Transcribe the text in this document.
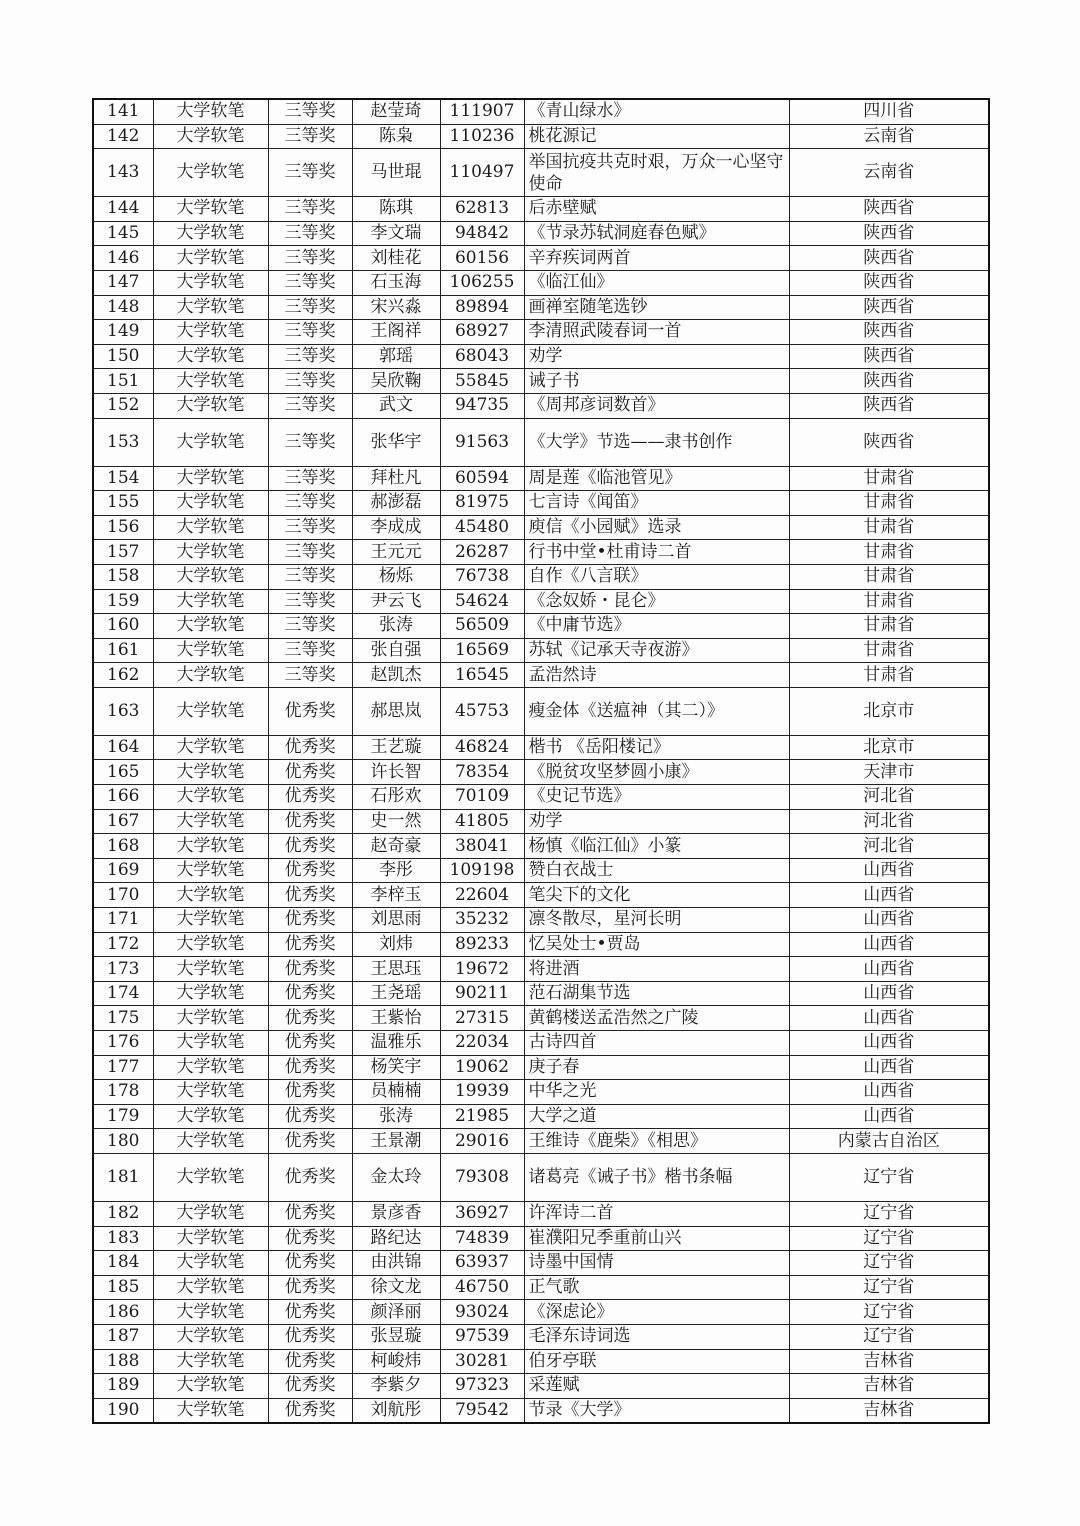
141	大学软笔	三等奖	赵莹琦	111907	《青山绿水》	四川省
142	大学软笔	三等奖	陈枭	110236	桃花源记	云南省
143	大学软笔	三等奖	马世琨	110497	举国抗疫共克时艰，万众一心坚守使命	云南省
144	大学软笔	三等奖	陈琪	62813	后赤壁赋	陕西省
145	大学软笔	三等奖	李文瑞	94842	《节录苏轼洞庭春色赋》	陕西省
146	大学软笔	三等奖	刘桂花	60156	辛弃疾词两首	陕西省
147	大学软笔	三等奖	石玉海	106255	《临江仙》	陕西省
148	大学软笔	三等奖	宋兴淼	89894	画禅室随笔选钞	陕西省
149	大学软笔	三等奖	王阁祥	68927	李清照武陵春词一首	陕西省
150	大学软笔	三等奖	郭瑶	68043	劝学	陕西省
151	大学软笔	三等奖	吴欣鞠	55845	诫子书	陕西省
152	大学软笔	三等奖	武文	94735	《周邦彦词数首》	陕西省
153	大学软笔	三等奖	张华宇	91563	《大学》节选——隶书创作	陕西省
154	大学软笔	三等奖	拜杜凡	60594	周是莲《临池管见》	甘肃省
155	大学软笔	三等奖	郝澎磊	81975	七言诗《闻笛》	甘肃省
156	大学软笔	三等奖	李成成	45480	庾信《小园赋》选录	甘肃省
157	大学软笔	三等奖	王元元	26287	行书中堂•杜甫诗二首	甘肃省
158	大学软笔	三等奖	杨烁	76738	自作《八言联》	甘肃省
159	大学软笔	三等奖	尹云飞	54624	《念奴娇・昆仑》	甘肃省
160	大学软笔	三等奖	张涛	56509	《中庸节选》	甘肃省
161	大学软笔	三等奖	张自强	16569	苏轼《记承天寺夜游》	甘肃省
162	大学软笔	三等奖	赵凯杰	16545	孟浩然诗	甘肃省
163	大学软笔	优秀奖	郝思岚	45753	瘦金体《送瘟神（其二）》	北京市
164	大学软笔	优秀奖	王艺璇	46824	楷书 《岳阳楼记》	北京市
165	大学软笔	优秀奖	许长智	78354	《脱贫攻坚梦圆小康》	天津市
166	大学软笔	优秀奖	石彤欢	70109	《史记节选》	河北省
167	大学软笔	优秀奖	史一然	41805	劝学	河北省
168	大学软笔	优秀奖	赵奇豪	38041	杨慎《临江仙》小篆	河北省
169	大学软笔	优秀奖	李彤	109198	赞白衣战士	山西省
170	大学软笔	优秀奖	李梓玉	22604	笔尖下的文化	山西省
171	大学软笔	优秀奖	刘思雨	35232	凛冬散尽，星河长明	山西省
172	大学软笔	优秀奖	刘炜	89233	忆吴处士•贾岛	山西省
173	大学软笔	优秀奖	王思珏	19672	将进酒	山西省
174	大学软笔	优秀奖	王尧瑶	90211	范石湖集节选	山西省
175	大学软笔	优秀奖	王紫怡	27315	黄鹤楼送孟浩然之广陵	山西省
176	大学软笔	优秀奖	温雅乐	22034	古诗四首	山西省
177	大学软笔	优秀奖	杨笑宇	19062	庚子春	山西省
178	大学软笔	优秀奖	员楠楠	19939	中华之光	山西省
179	大学软笔	优秀奖	张涛	21985	大学之道	山西省
180	大学软笔	优秀奖	王景潮	29016	王维诗《鹿柴》《相思》	内蒙古自治区
181	大学软笔	优秀奖	金太玲	79308	诸葛亮《诫子书》楷书条幅	辽宁省
182	大学软笔	优秀奖	景彦香	36927	许浑诗二首	辽宁省
183	大学软笔	优秀奖	路纪达	74839	崔濮阳兄季重前山兴	辽宁省
184	大学软笔	优秀奖	由洪锦	63937	诗墨中国情	辽宁省
185	大学软笔	优秀奖	徐文龙	46750	正气歌	辽宁省
186	大学软笔	优秀奖	颜泽丽	93024	《深虑论》	辽宁省
187	大学软笔	优秀奖	张昱璇	97539	毛泽东诗词选	辽宁省
188	大学软笔	优秀奖	柯峻炜	30281	伯牙亭联	吉林省
189	大学软笔	优秀奖	李紫夕	97323	采莲赋	吉林省
190	大学软笔	优秀奖	刘航彤	79542	节录《大学》	吉林省
